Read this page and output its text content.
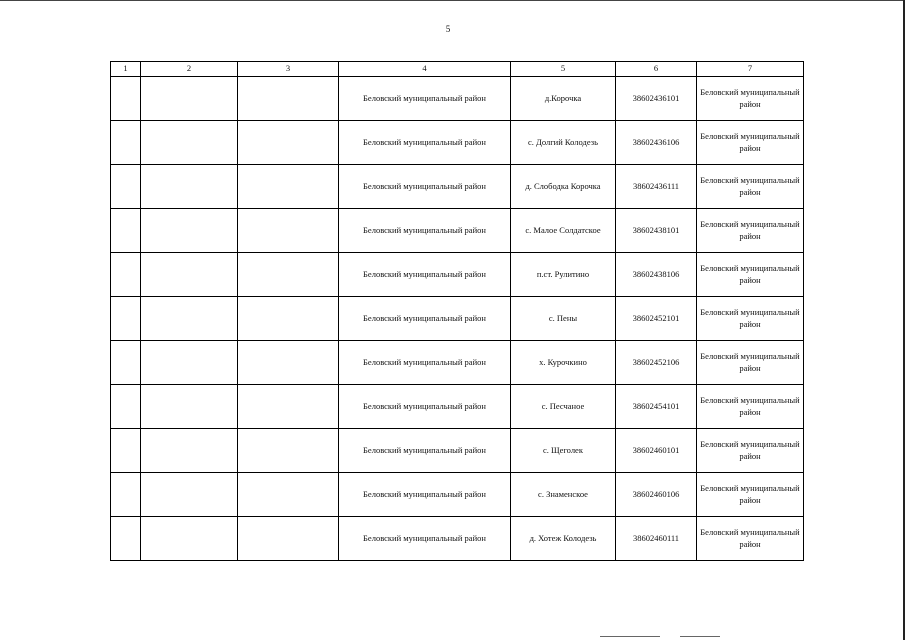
5
1	2	3	4	5	6	7
			Беловский муниципальный район	д.Корочка	38602436101	Беловский муниципальный район
			Беловский муниципальный район	с. Долгий Колодезь	38602436106	Беловский муниципальный район
			Беловский муниципальный район	д. Слободка Корочка	38602436111	Беловский муниципальный район
			Беловский муниципальный район	с. Малое Солдатское	38602438101	Беловский муниципальный район
			Беловский муниципальный район	п.ст. Рулитино	38602438106	Беловский муниципальный район
			Беловский муниципальный район	с. Пены	38602452101	Беловский муниципальный район
			Беловский муниципальный район	х. Курочкино	38602452106	Беловский муниципальный район
			Беловский муниципальный район	с. Песчаное	38602454101	Беловский муниципальный район
			Беловский муниципальный район	с. Щеголек	38602460101	Беловский муниципальный район
			Беловский муниципальный район	с. Знаменское	38602460106	Беловский муниципальный район
			Беловский муниципальный район	д. Хотеж Колодезь	38602460111	Беловский муниципальный район
